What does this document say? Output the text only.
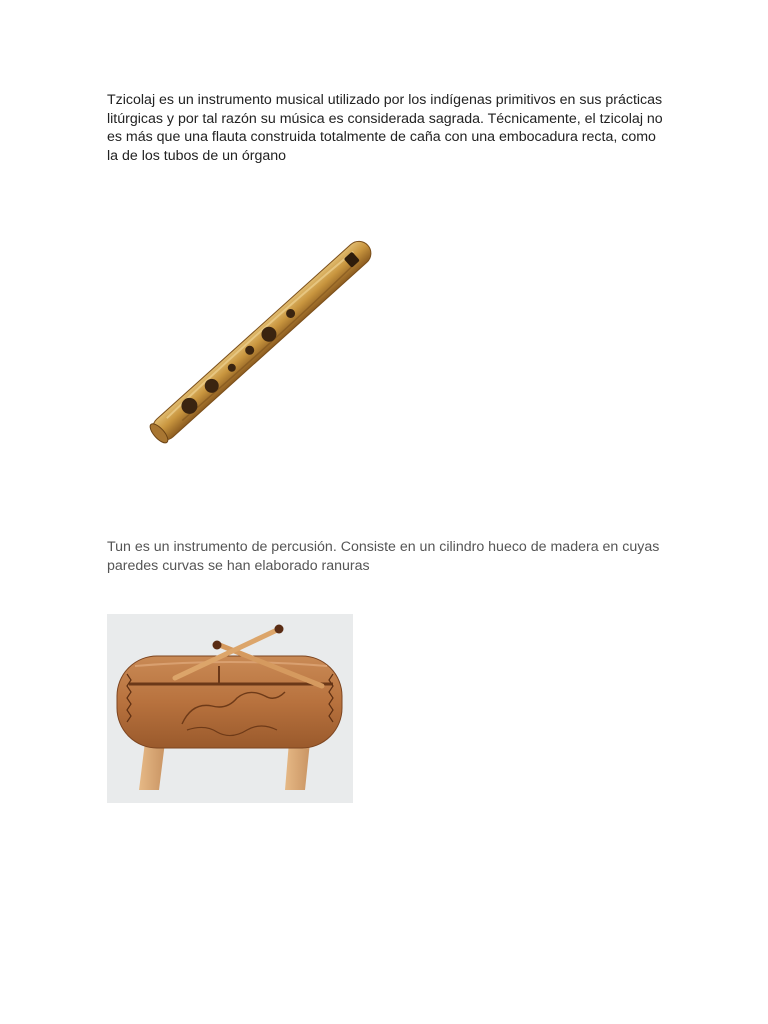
Tzicolaj es un instrumento musical utilizado por los indígenas primitivos en sus prácticas litúrgicas y por tal razón su música es considerada sagrada. Técnicamente, el tzicolaj no es más que una flauta construida totalmente de caña con una embocadura recta, como la de los tubos de un órgano

Tun es un instrumento de percusión. Consiste en un cilindro hueco de madera en cuyas paredes curvas se han elaborado ranuras
